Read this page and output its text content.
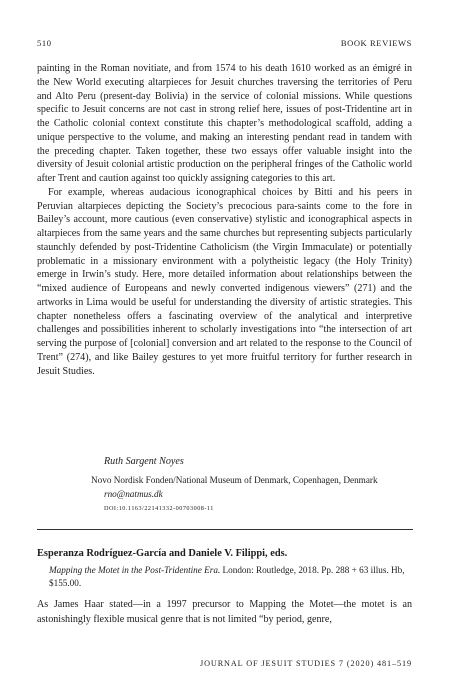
510	BOOK REVIEWS

painting in the Roman novitiate, and from 1574 to his death 1610 worked as an émigré in the New World executing altarpieces for Jesuit churches traversing the territories of Peru and Alto Peru (present-day Bolivia) in the service of colonial missions. While questions specific to Jesuit concerns are not cast in strong relief here, issues of post-Tridentine art in the Catholic colonial context constitute this chapter’s methodological scaffold, adding a unique perspective to the volume, and making an interesting pendant read in tandem with the preceding chapter. Taken together, these two essays offer valuable insight into the diversity of Jesuit colonial artistic production on the peripheral fringes of the Catholic world after Trent and caution against too quickly assigning categories to this art.

For example, whereas audacious iconographical choices by Bitti and his peers in Peruvian altarpieces depicting the Society’s precocious para-saints come to the fore in Bailey’s account, more cautious (even conservative) stylistic and iconographical aspects in altarpieces from the same years and the same churches but representing subjects particularly staunchly defended by post-Tridentine Catholicism (the Virgin Immaculate) or potentially problematic in a missionary environment with a polytheistic legacy (the Holy Trinity) emerge in Irwin’s study. Here, more detailed information about relationships between the “mixed audience of Europeans and newly converted indigenous viewers” (271) and the artworks in Lima would be useful for understanding the diversity of artistic strategies. This chapter nonetheless offers a fascinating overview of the analytical and interpretive challenges and possibilities inherent to scholarly investigations into “the intersection of art serving the purpose of [colonial] conversion and art related to the response to the Council of Trent” (274), and like Bailey gestures to yet more fruitful territory for further research in Jesuit Studies.

Ruth Sargent Noyes
Novo Nordisk Fonden/National Museum of Denmark, Copenhagen, Denmark
rno@natmus.dk
DOI:10.1163/22141332-00703008-11
Esperanza Rodríguez-García and Daniele V. Filippi, eds.
Mapping the Motet in the Post-Tridentine Era. London: Routledge, 2018. Pp. 288 + 63 illus. Hb, $155.00.

As James Haar stated—in a 1997 precursor to Mapping the Motet—the motet is an astonishingly flexible musical genre that is not limited “by period, genre,

JOURNAL OF JESUIT STUDIES 7 (2020) 481–519
